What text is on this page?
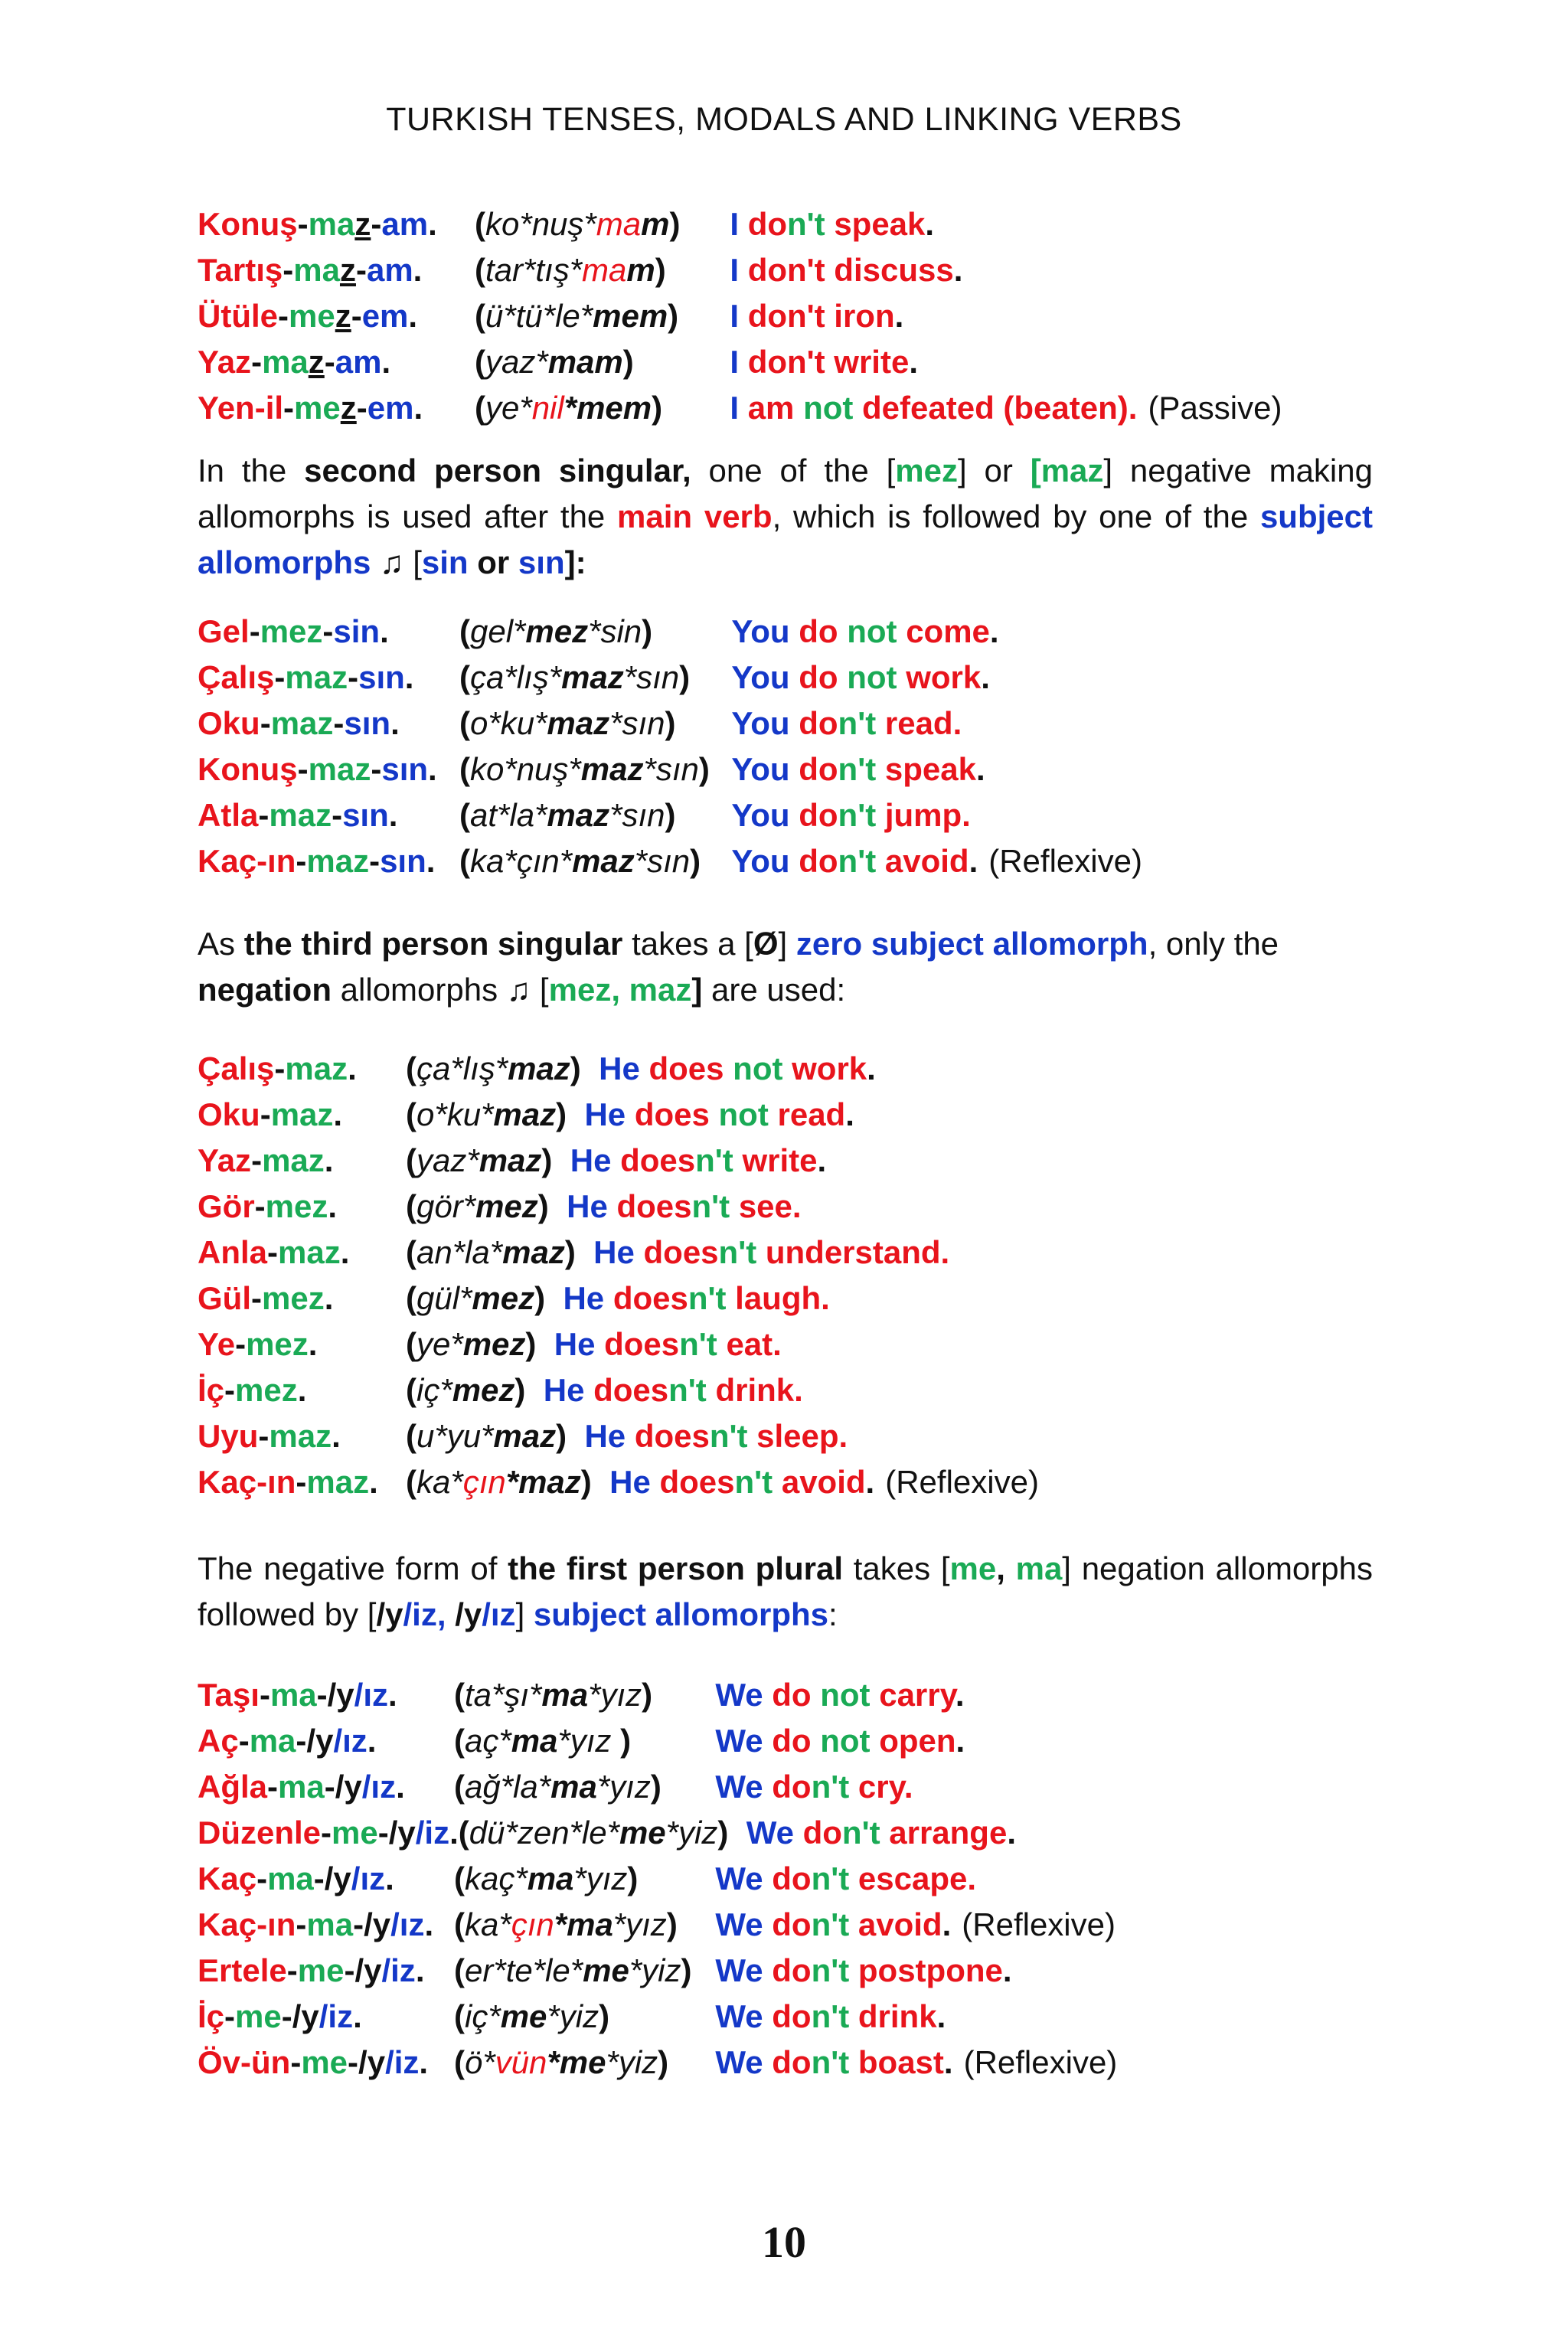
TURKISH TENSES, MODALS AND LINKING VERBS
Konuş-maz-am. (ko*nuş*mam) I don't speak.
Tartış-maz-am. (tar*tış*mam) I don't discuss.
Ütüle-mez-em. (ü*tü*le*mem) I don't iron.
Yaz-maz-am.	(yaz*mam)	I don't write.
Yen-il-mez-em. (ye*nil*mem) I am not defeated (beaten). (Passive)
In the second person singular, one of the [mez] or [maz] negative making allomorphs is used after the main verb, which is followed by one of the subject allomorphs ♫ [sin or sın]:
Gel-mez-sin. (gel*mez*sin) You do not come.
Çalış-maz-sın. (ça*lış*maz*sın) You do not work.
Oku-maz-sın. (o*ku*maz*sın) You don't read.
Konuş-maz-sın. (ko*nuş*maz*sın) You don't speak.
Atla-maz-sın. (at*la*maz*sın) You don't jump.
Kaç-ın-maz-sın. (ka*çın*maz*sın) You don't avoid. (Reflexive)
As the third person singular takes a [Ø] zero subject allomorph, only the
negation allomorphs ♫ [mez, maz] are used:
Çalış-maz. (ça*lış*maz) He does not work.
Oku-maz. (o*ku*maz) He does not read.
Yaz-maz. (yaz*maz) He doesn't write.
Gör-mez. (gör*mez) He doesn't see.
Anla-maz. (an*la*maz) He doesn't understand.
Gül-mez. (gül*mez) He doesn't laugh.
Ye-mez.	(ye*mez) He doesn't eat.
İç-mez.	(iç*mez) He doesn't drink.
Uyu-maz. (u*yu*maz) He doesn't sleep.
Kaç-ın-maz. (ka*çın*maz) He doesn't avoid. (Reflexive)
The negative form of the first person plural takes [me, ma] negation allomorphs followed by [/y/iz, /y/ız] subject allomorphs:
Taşı-ma-/y/ız. (ta*şı*ma*yız) We do not carry.
Aç-ma-/y/ız. (aç*ma*yız )	We do not open.
Ağla-ma-/y/ız. (ağ*la*ma*yız) We don't cry.
Düzenle-me-/y/iz.(dü*zen*le*me*yiz) We don't arrange.
Kaç-ma-/y/ız. (kaç*ma*yız) We don't escape.
Kaç-ın-ma-/y/ız. (ka*çın*ma*yız) We don't avoid. (Reflexive)
Ertele-me-/y/iz. (er*te*le*me*yiz) We don't postpone.
İç-me-/y/iz.	(iç*me*yiz)	We don't drink.
Öv-ün-me-/y/iz. (ö*vün*me*yiz) We don't boast. (Reflexive)
10
